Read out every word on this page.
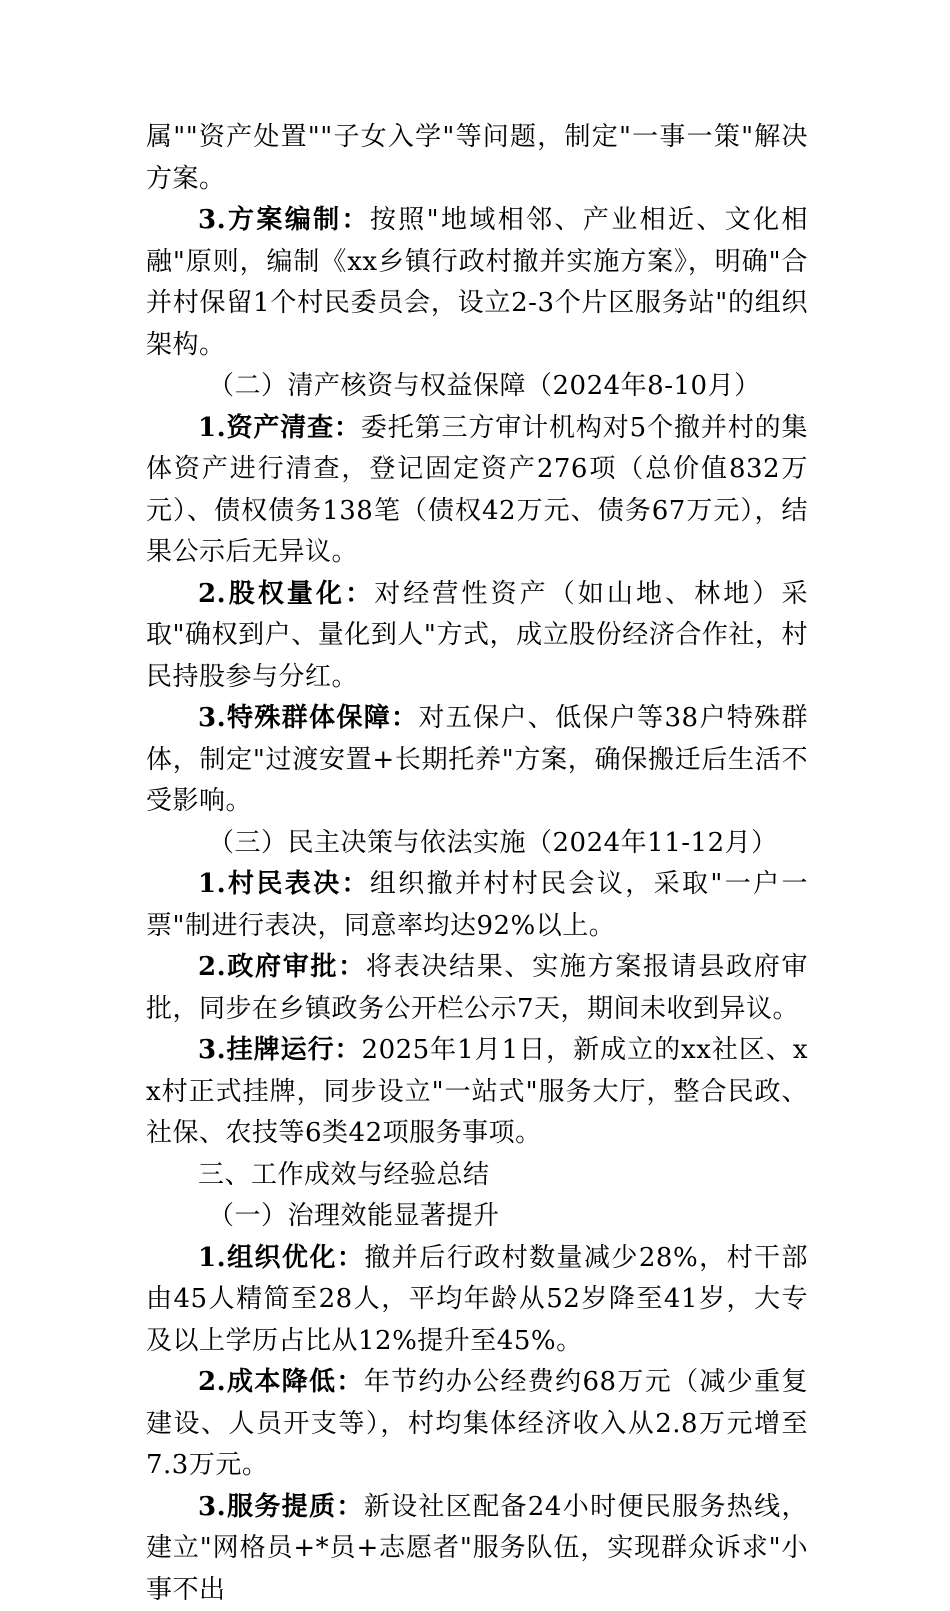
属""资产处置""子女入学"等问题，制定"一事一策"解决方案。

3.方案编制：按照"地域相邻、产业相近、文化相融"原则，编制《xx乡镇行政村撤并实施方案》，明确"合并村保留1个村民委员会，设立2-3个片区服务站"的组织架构。

（二）清产核资与权益保障（2024年8-10月）

1.资产清查：委托第三方审计机构对5个撤并村的集体资产进行清查，登记固定资产276项（总价值832万元）、债权债务138笔（债权42万元、债务67万元），结果公示后无异议。

2.股权量化：对经营性资产（如山地、林地）采取"确权到户、量化到人"方式，成立股份经济合作社，村民持股参与分红。

3.特殊群体保障：对五保户、低保户等38户特殊群体，制定"过渡安置+长期托养"方案，确保搬迁后生活不受影响。

（三）民主决策与依法实施（2024年11-12月）

1.村民表决：组织撤并村村民会议，采取"一户一票"制进行表决，同意率均达92%以上。

2.政府审批：将表决结果、实施方案报请县政府审批，同步在乡镇政务公开栏公示7天，期间未收到异议。

3.挂牌运行：2025年1月1日，新成立的xx社区、xx村正式挂牌，同步设立"一站式"服务大厅，整合民政、社保、农技等6类42项服务事项。

三、工作成效与经验总结

（一）治理效能显著提升

1.组织优化：撤并后行政村数量减少28%，村干部由45人精简至28人，平均年龄从52岁降至41岁，大专及以上学历占比从12%提升至45%。

2.成本降低：年节约办公经费约68万元（减少重复建设、人员开支等），村均集体经济收入从2.8万元增至7.3万元。

3.服务提质：新设社区配备24小时便民服务热线，建立"网格员+*员+志愿者"服务队伍，实现群众诉求"小事不出
